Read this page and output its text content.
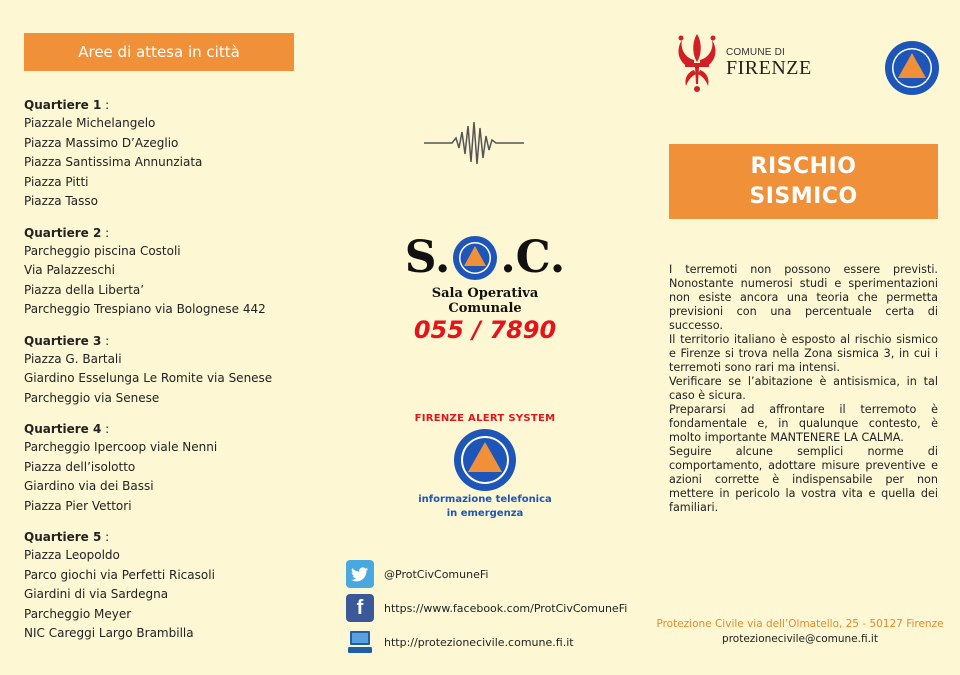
Aree di attesa in città
Quartiere 1 :
Piazzale Michelangelo
Piazza Massimo D’Azeglio
Piazza Santissima Annunziata
Piazza Pitti
Piazza Tasso
Quartiere 2 :
Parcheggio piscina Costoli
Via Palazzeschi
Piazza della Liberta’
Parcheggio Trespiano via Bolognese 442
Quartiere 3 :
Piazza G. Bartali
Giardino Esselunga Le Romite via Senese
Parcheggio via Senese
Quartiere 4 :
Parcheggio Ipercoop viale Nenni
Piazza dell’isolotto
Giardino via dei Bassi
Piazza Pier Vettori
Quartiere 5 :
Piazza Leopoldo
Parco giochi via Perfetti Ricasoli
Giardini di via Sardegna
Parcheggio Meyer
NIC Careggi Largo Brambilla
S. .C.
Sala Operativa Comunale
055 / 7890
FIRENZE ALERT SYSTEM
informazione telefonica
in emergenza
@ProtCivComuneFi
f https://www.facebook.com/ProtCivComuneFi
http://protezionecivile.comune.fi.it
COMUNE DI
FIRENZE
RISCHIO
SISMICO

I terremoti non possono essere previsti. Nonostante numerosi studi e sperimentazioni non esiste ancora una teoria che permetta previsioni con una percentuale certa di successo.

Il territorio italiano è esposto al rischio sismico e Firenze si trova nella Zona sismica 3, in cui i terremoti sono rari ma intensi.

Verificare se l’abitazione è antisismica, in tal caso è sicura.

Prepararsi ad affrontare il terremoto è fondamentale e, in qualunque contesto, è molto importante MANTENERE LA CALMA.

Seguire alcune semplici norme di comportamento, adottare misure preventive e azioni corrette è indispensabile per non mettere in pericolo la vostra vita e quella dei familiari.

Protezione Civile via dell’Olmatello, 25 - 50127 Firenze
protezionecivile@comune.fi.it
